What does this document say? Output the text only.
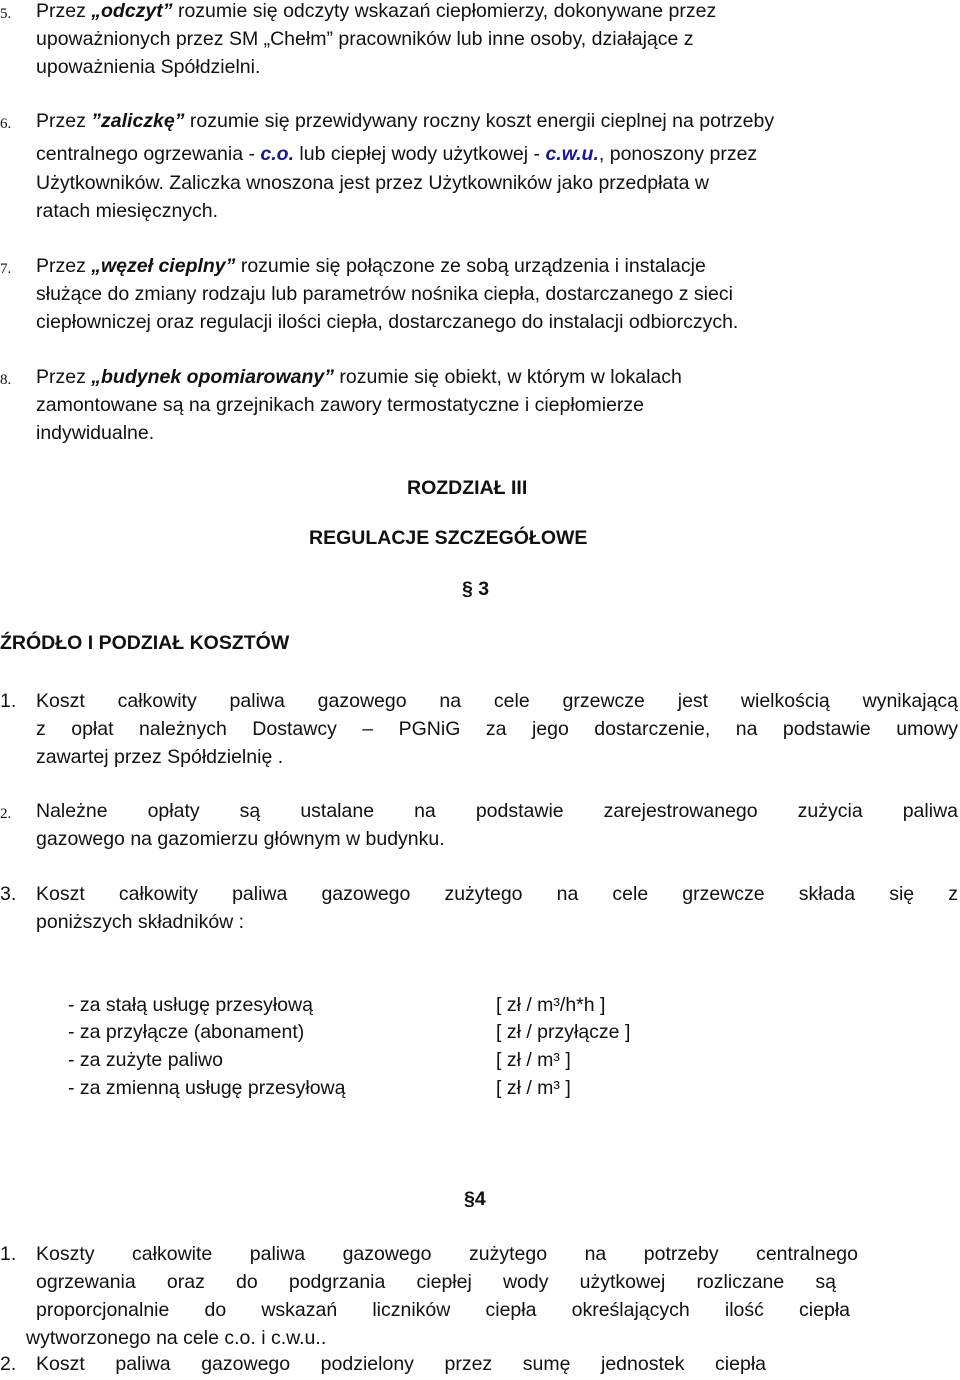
5. Przez „odczyt” rozumie się odczyty wskazań ciepłomierzy, dokonywane przez
upoważnionych przez SM „Chełm” pracowników lub inne osoby, działające z
upoważnienia Spółdzielni.
6. Przez ”zaliczkę” rozumie się przewidywany roczny koszt energii cieplnej na potrzeby
centralnego ogrzewania - c.o. lub ciepłej wody użytkowej - c.w.u., ponoszony przez
Użytkowników. Zaliczka wnoszona jest przez Użytkowników jako przedpłata w
ratach miesięcznych.
7. Przez „węzeł cieplny” rozumie się połączone ze sobą urządzenia i instalacje
służące do zmiany rodzaju lub parametrów nośnika ciepła, dostarczanego z sieci
ciepłowniczej oraz regulacji ilości ciepła, dostarczanego do instalacji odbiorczych.
8. Przez „budynek opomiarowany” rozumie się obiekt, w którym w lokalach
zamontowane są na grzejnikach zawory termostatyczne i ciepłomierze
indywidualne.
ROZDZIAŁ III
REGULACJE SZCZEGÓŁOWE
§ 3
ŹRÓDŁO I PODZIAŁ KOSZTÓW
1. Koszt całkowity paliwa gazowego na cele grzewcze jest wielkością wynikającą
z opłat należnych Dostawcy – PGNiG za jego dostarczenie, na podstawie umowy
zawartej przez Spółdzielnię .
2. Należne opłaty są ustalane na podstawie zarejestrowanego zużycia paliwa
gazowego na gazomierzu głównym w budynku.
3. Koszt całkowity paliwa gazowego zużytego na cele grzewcze składa się z
poniższych składników :
- za stałą usługę przesyłową	[ zł / m³/h*h ]
- za przyłącze (abonament)	[ zł / przyłącze ]
- za zużyte paliwo	[ zł / m³ ]
- za zmienną usługę przesyłową	[ zł / m³ ]
§4
1. Koszty całkowite paliwa gazowego zużytego na potrzeby centralnego
ogrzewania oraz do podgrzania ciepłej wody użytkowej rozliczane są
proporcjonalnie do wskazań liczników ciepła określających ilość ciepła
wytworzonego na cele c.o. i c.w.u..
2. Koszt paliwa gazowego podzielony przez sumę jednostek ciepła
